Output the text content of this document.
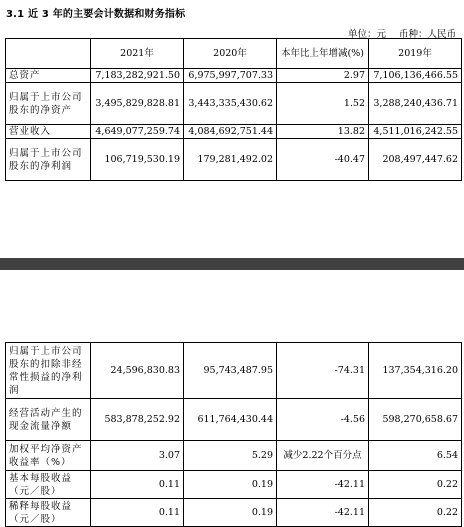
3.1 近 3 年的主要会计数据和财务指标
单位：元 币种：人民币
	2021年	2020年	本年比上年增减(%)	2019年
总资产	7,183,282,921.50	6,975,997,707.33	2.97	7,106,136,466.55
归属于上市公司股东的净资产	3,495,829,828.81	3,443,335,430.62	1.52	3,288,240,436.71
营业收入	4,649,077,259.74	4,084,692,751.44	13.82	4,511,016,242.55
归属于上市公司股东的净利润	106,719,530.19	179,281,492.02	-40.47	208,497,447.62
归属于上市公司股东的扣除非经常性损益的净利润	24,596,830.83	95,743,487.95	-74.31	137,354,316.20
经营活动产生的现金流量净额	583,878,252.92	611,764,430.44	-4.56	598,270,658.67
加权平均净资产收益率（%）	3.07	5.29	减少2.22个百分点	6.54
基本每股收益（元／股）	0.11	0.19	-42.11	0.22
稀释每股收益（元／股）	0.11	0.19	-42.11	0.22
